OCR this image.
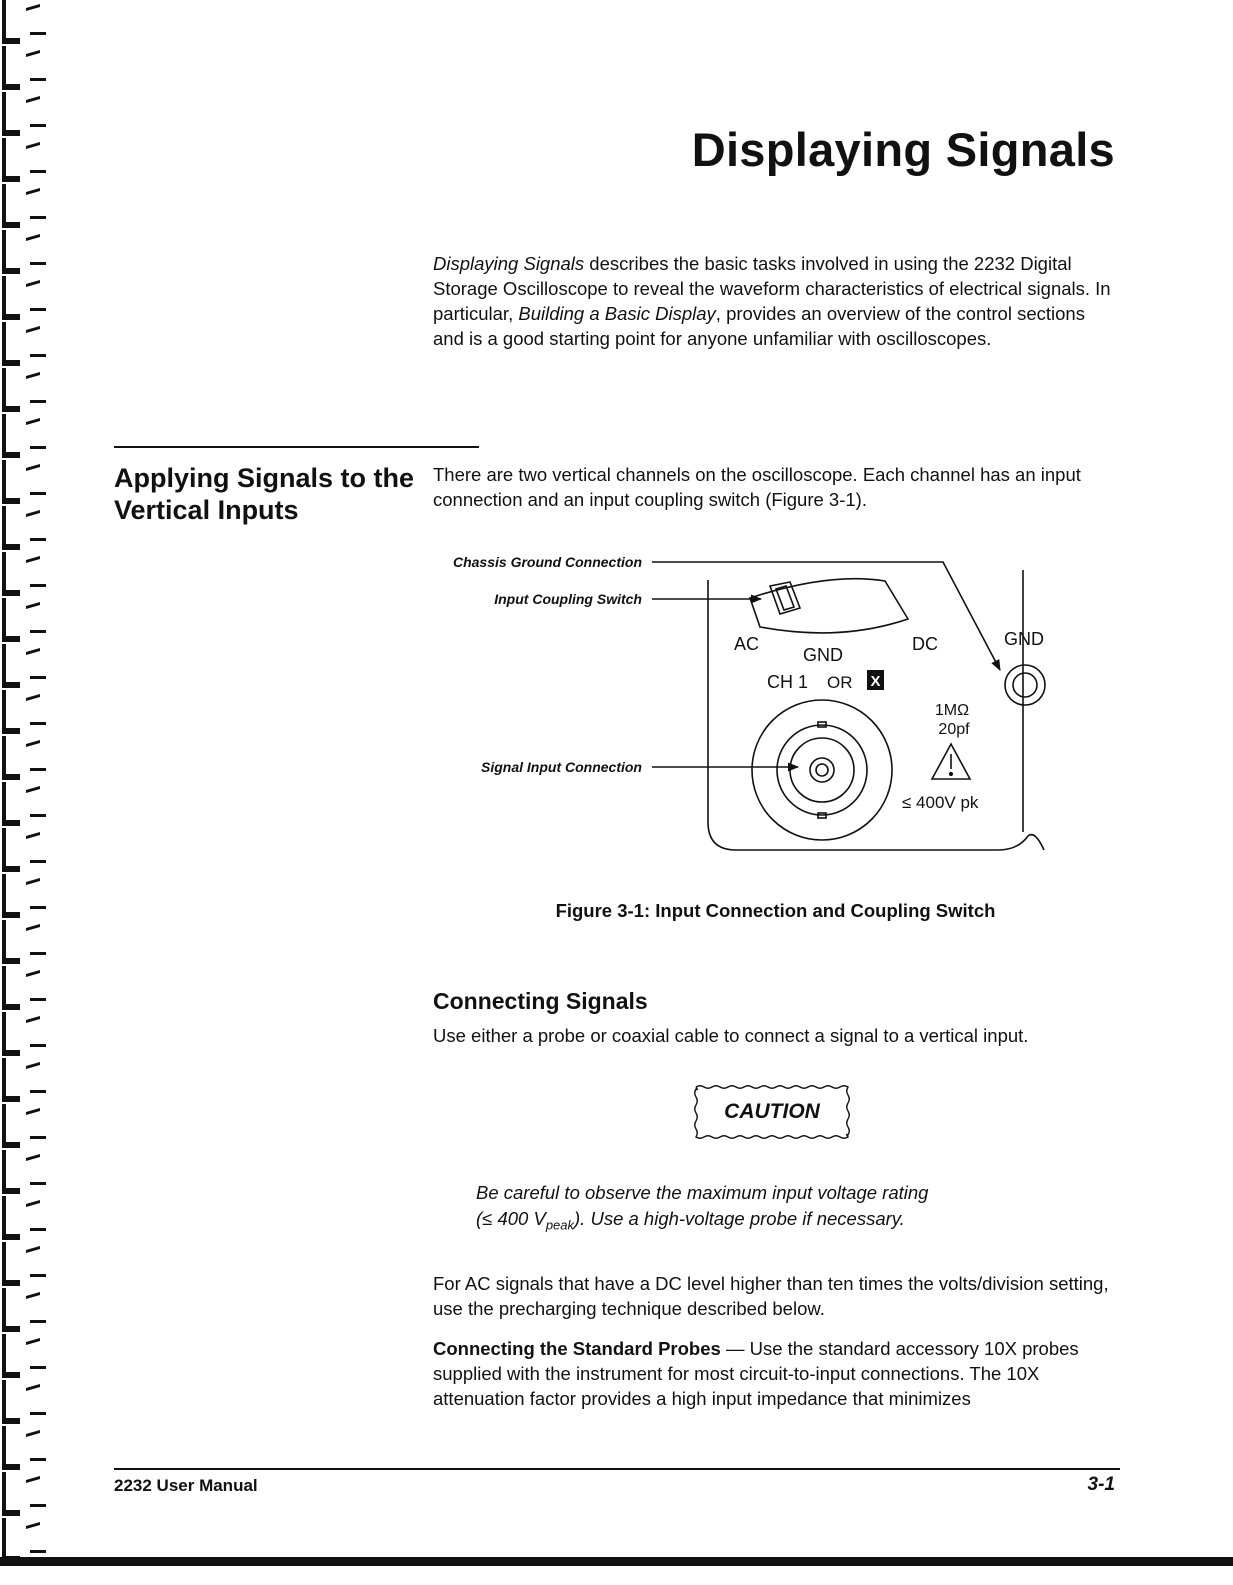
Displaying Signals

Displaying Signals describes the basic tasks involved in using the 2232 Digital Storage Oscilloscope to reveal the waveform characteristics of electrical signals. In particular, Building a Basic Display, provides an overview of the control sections and is a good starting point for anyone unfamiliar with oscilloscopes.

Applying Signals to the Vertical Inputs

There are two vertical channels on the oscilloscope. Each channel has an input connection and an input coupling switch (Figure 3-1).

Chassis Ground Connection
Input Coupling Switch
Signal Input Connection
AC
GND
DC	GND
CH 1 OR X
1MΩ
20pf
≤ 400V pk

Figure 3-1: Input Connection and Coupling Switch

Connecting Signals

Use either a probe or coaxial cable to connect a signal to a vertical input.

CAUTION

Be careful to observe the maximum input voltage rating
(≤ 400 $V_{peak}$). Use a high-voltage probe if necessary.

For AC signals that have a DC level higher than ten times the volts/division setting, use the precharging technique described below.

Connecting the Standard Probes — Use the standard accessory 10X probes supplied with the instrument for most circuit-to-input connections. The 10X attenuation factor provides a high input impedance that minimizes

2232 User Manual	3-1
